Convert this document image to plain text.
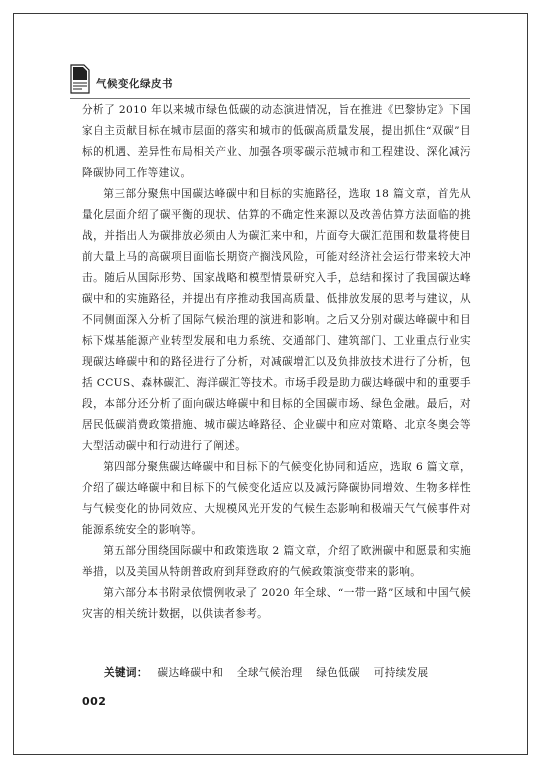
气候变化绿皮书

分析了 2010 年以来城市绿色低碳的动态演进情况，旨在推进《巴黎协定》下国家自主贡献目标在城市层面的落实和城市的低碳高质量发展，提出抓住“双碳”目标的机遇、差异性布局相关产业、加强各项零碳示范城市和工程建设、深化减污降碳协同工作等建议。

第三部分聚焦中国碳达峰碳中和目标的实施路径，选取 18 篇文章，首先从量化层面介绍了碳平衡的现状、估算的不确定性来源以及改善估算方法面临的挑战，并指出人为碳排放必须由人为碳汇来中和，片面夸大碳汇范围和数量将使目前大量上马的高碳项目面临长期资产搁浅风险，可能对经济社会运行带来较大冲击。随后从国际形势、国家战略和模型情景研究入手，总结和探讨了我国碳达峰碳中和的实施路径，并提出有序推动我国高质量、低排放发展的思考与建议，从不同侧面深入分析了国际气候治理的演进和影响。之后又分别对碳达峰碳中和目标下煤基能源产业转型发展和电力系统、交通部门、建筑部门、工业重点行业实现碳达峰碳中和的路径进行了分析，对减碳增汇以及负排放技术进行了分析，包括 CCUS、森林碳汇、海洋碳汇等技术。市场手段是助力碳达峰碳中和的重要手段，本部分还分析了面向碳达峰碳中和目标的全国碳市场、绿色金融。最后，对居民低碳消费政策措施、城市碳达峰路径、企业碳中和应对策略、北京冬奥会等大型活动碳中和行动进行了阐述。

第四部分聚焦碳达峰碳中和目标下的气候变化协同和适应，选取 6 篇文章，介绍了碳达峰碳中和目标下的气候变化适应以及减污降碳协同增效、生物多样性与气候变化的协同效应、大规模风光开发的气候生态影响和极端天气气候事件对能源系统安全的影响等。

第五部分围绕国际碳中和政策选取 2 篇文章，介绍了欧洲碳中和愿景和实施举措，以及美国从特朗普政府到拜登政府的气候政策演变带来的影响。

第六部分本书附录依惯例收录了 2020 年全球、“一带一路”区域和中国气候灾害的相关统计数据，以供读者参考。

关键词： 碳达峰碳中和 全球气候治理 绿色低碳 可持续发展
002
